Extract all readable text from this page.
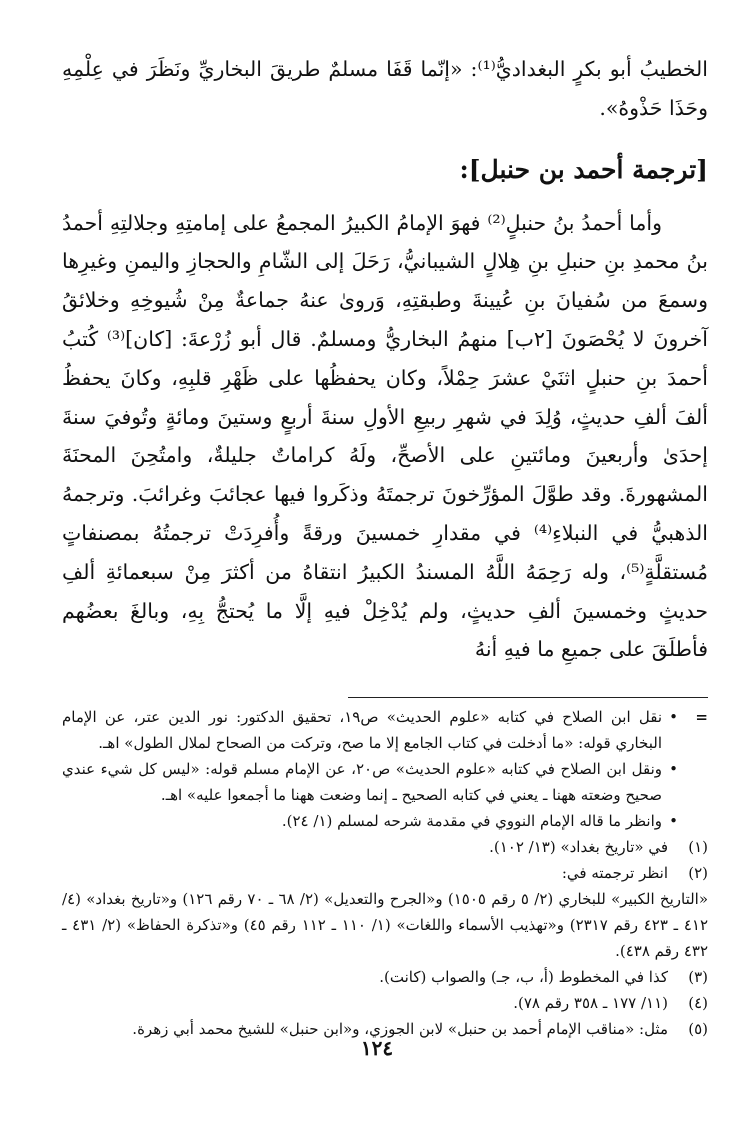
الخطيبُ أبو بكرٍ البغداديُّ⁽¹⁾: «إنّما قَفَا مسلمٌ طريقَ البخاريِّ ونَظَرَ في عِلْمِهِ وحَذَا حَذْوهُ».

[ترجمة أحمد بن حنبل]:

وأما أحمدُ بنُ حنبلٍ⁽²⁾ فهوَ الإمامُ الكبيرُ المجمعُ على إمامتِهِ وجلالتِهِ أحمدُ بنُ محمدِ بنِ حنبلِ بنِ هِلالٍ الشيبانيُّ، رَحَلَ إلى الشّامِ والحجازِ واليمنِ وغيرِها وسمعَ من سُفيانَ بنِ عُيينةَ وطبقتِهِ، وَروىٰ عنهُ جماعةٌ مِنْ شُيوخِهِ وخلائقُ آخرونَ لا يُحْصَونَ [٢ب] منهمُ البخاريُّ ومسلمٌ. قال أبو زُرْعةَ: [كان]⁽³⁾ كُتبُ أحمدَ بنِ حنبلٍ اثنَيْ عشرَ حِمْلاً، وكان يحفظُها على ظَهْرِ قلبِهِ، وكانَ يحفظُ ألفَ ألفِ حديثٍ، وُلِدَ في شهرِ ربيعِ الأولِ سنةَ أربعٍ وستينَ ومائةٍ وتُوفيَ سنةَ إحدَىٰ وأربعينَ ومائتينِ على الأصحِّ، ولَهُ كراماتٌ جليلةٌ، وامتُحِنَ المحنَةَ المشهورةَ. وقد طوَّلَ المؤرِّخونَ ترجمتَهُ وذكَروا فيها عجائبَ وغرائبَ. وترجمهُ الذهبيُّ في النبلاءِ⁽⁴⁾ في مقدارِ خمسينَ ورقةً وأُفرِدَتْ ترجمتُهُ بمصنفاتٍ مُستقلَّةٍ⁽⁵⁾، وله رَحِمَهُ اللَّهُ المسندُ الكبيرُ انتقاهُ من أكثرَ مِنْ سبعمائةِ ألفِ حديثٍ وخمسينَ ألفِ حديثٍ، ولم يُدْخِلْ فيهِ إلَّا ما يُحتجُّ بِهِ، وبالغَ بعضُهم فأطلَقَ على جميعِ ما فيهِ أنهُ

=
•
نقل ابن الصلاح في كتابه «علوم الحديث» ص١٩، تحقيق الدكتور: نور الدين عتر، عن الإمام البخاري قوله: «ما أدخلت في كتاب الجامع إلا ما صح، وتركت من الصحاح لملال الطول» اهـ.
•
ونقل ابن الصلاح في كتابه «علوم الحديث» ص٢٠، عن الإمام مسلم قوله: «ليس كل شيء عندي صحيح وضعته ههنا ـ يعني في كتابه الصحيح ـ إنما وضعت ههنا ما أجمعوا عليه» اهـ.
•
وانظر ما قاله الإمام النووي في مقدمة شرحه لمسلم (١/ ٢٤).
(١)
في «تاريخ بغداد» (١٣/ ١٠٢).
(٢)
انظر ترجمته في:
«التاريخ الكبير» للبخاري (٢/ ٥ رقم ١٥٠٥) و«الجرح والتعديل» (٢/ ٦٨ ـ ٧٠ رقم ١٢٦) و«تاريخ بغداد» (٤/ ٤١٢ ـ ٤٢٣ رقم ٢٣١٧) و«تهذيب الأسماء واللغات» (١/ ١١٠ ـ ١١٢ رقم ٤٥) و«تذكرة الحفاظ» (٢/ ٤٣١ ـ ٤٣٢ رقم ٤٣٨).
(٣)
كذا في المخطوط (أ، ب، جـ) والصواب (كانت).
(٤)
(١١/ ١٧٧ ـ ٣٥٨ رقم ٧٨).
(٥)
مثل: «مناقب الإمام أحمد بن حنبل» لابن الجوزي، و«ابن حنبل» للشيخ محمد أبي زهرة.
١٢٤
